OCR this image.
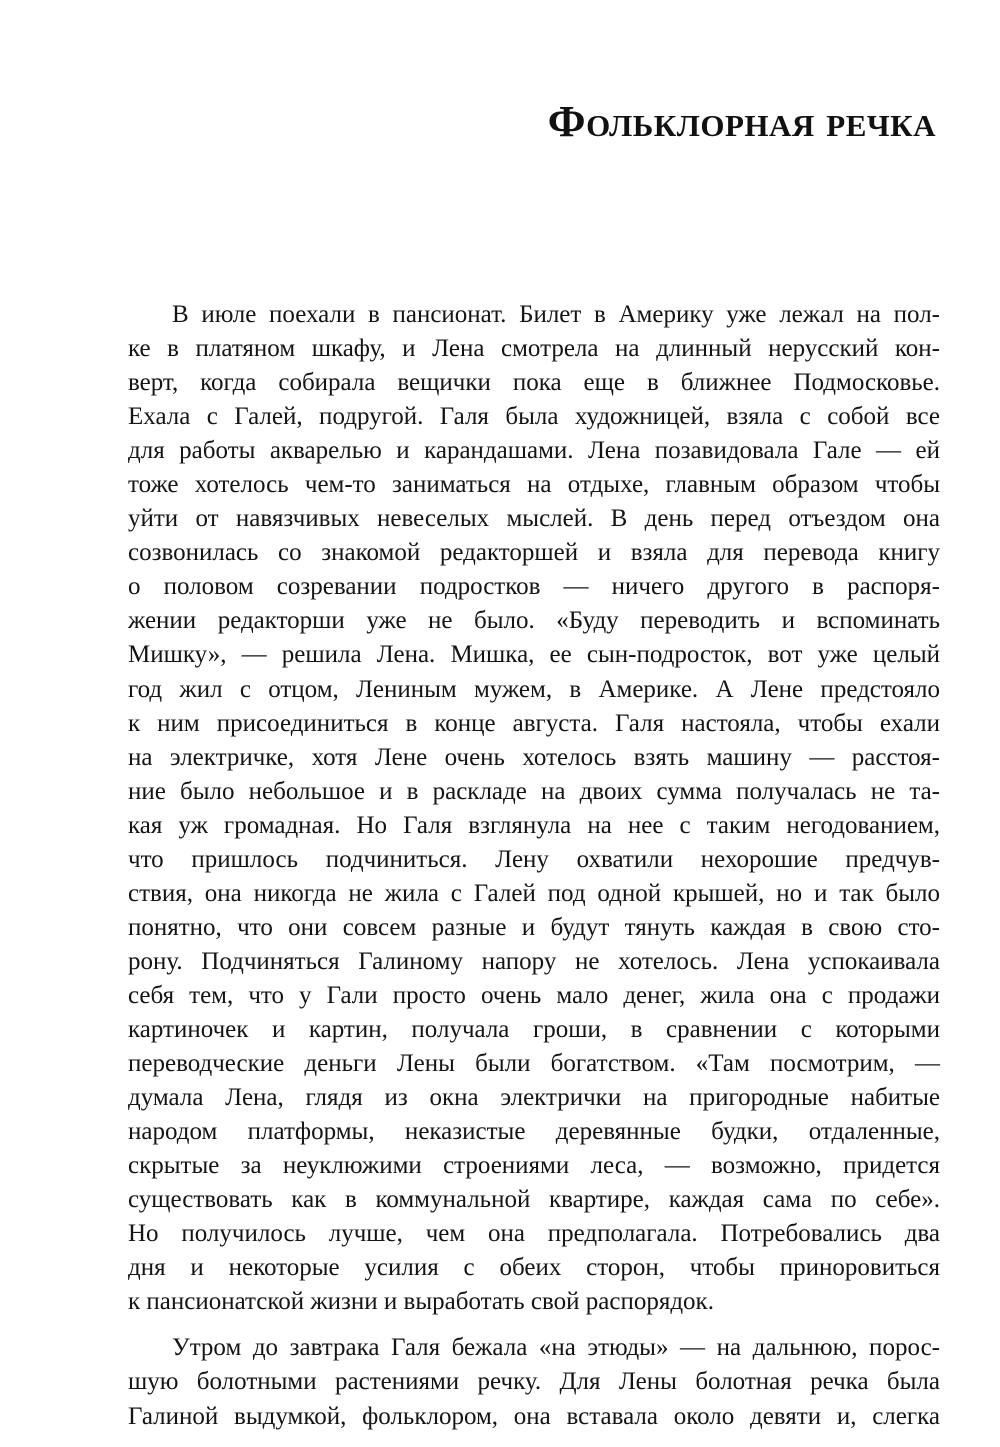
Фольклорная речка
В июле поехали в пансионат. Билет в Америку уже лежал на пол-
ке в платяном шкафу, и Лена смотрела на длинный нерусский кон-
верт, когда собирала вещички пока еще в ближнее Подмосковье.
Ехала с Галей, подругой. Галя была художницей, взяла с собой все
для работы акварелью и карандашами. Лена позавидовала Гале — ей
тоже хотелось чем-то заниматься на отдыхе, главным образом чтобы
уйти от навязчивых невеселых мыслей. В день перед отъездом она
созвонилась со знакомой редакторшей и взяла для перевода книгу
о половом созревании подростков — ничего другого в распоря-
жении редакторши уже не было. «Буду переводить и вспоминать
Мишку», — решила Лена. Мишка, ее сын-подросток, вот уже целый
год жил с отцом, Лениным мужем, в Америке. А Лене предстояло
к ним присоединиться в конце августа. Галя настояла, чтобы ехали
на электричке, хотя Лене очень хотелось взять машину — расстоя-
ние было небольшое и в раскладе на двоих сумма получалась не та-
кая уж громадная. Но Галя взглянула на нее с таким негодованием,
что пришлось подчиниться. Лену охватили нехорошие предчув-
ствия, она никогда не жила с Галей под одной крышей, но и так было
понятно, что они совсем разные и будут тянуть каждая в свою сто-
рону. Подчиняться Галиному напору не хотелось. Лена успокаивала
себя тем, что у Гали просто очень мало денег, жила она с продажи
картиночек и картин, получала гроши, в сравнении с которыми
переводческие деньги Лены были богатством. «Там посмотрим, —
думала Лена, глядя из окна электрички на пригородные набитые
народом платформы, неказистые деревянные будки, отдаленные,
скрытые за неуклюжими строениями леса, — возможно, придется
существовать как в коммунальной квартире, каждая сама по себе».
Но получилось лучше, чем она предполагала. Потребовались два
дня и некоторые усилия с обеих сторон, чтобы приноровиться
к пансионатской жизни и выработать свой распорядок.
Утром до завтрака Галя бежала «на этюды» — на дальнюю, порос-
шую болотными растениями речку. Для Лены болотная речка была
Галиной выдумкой, фольклором, она вставала около девяти и, слегка
